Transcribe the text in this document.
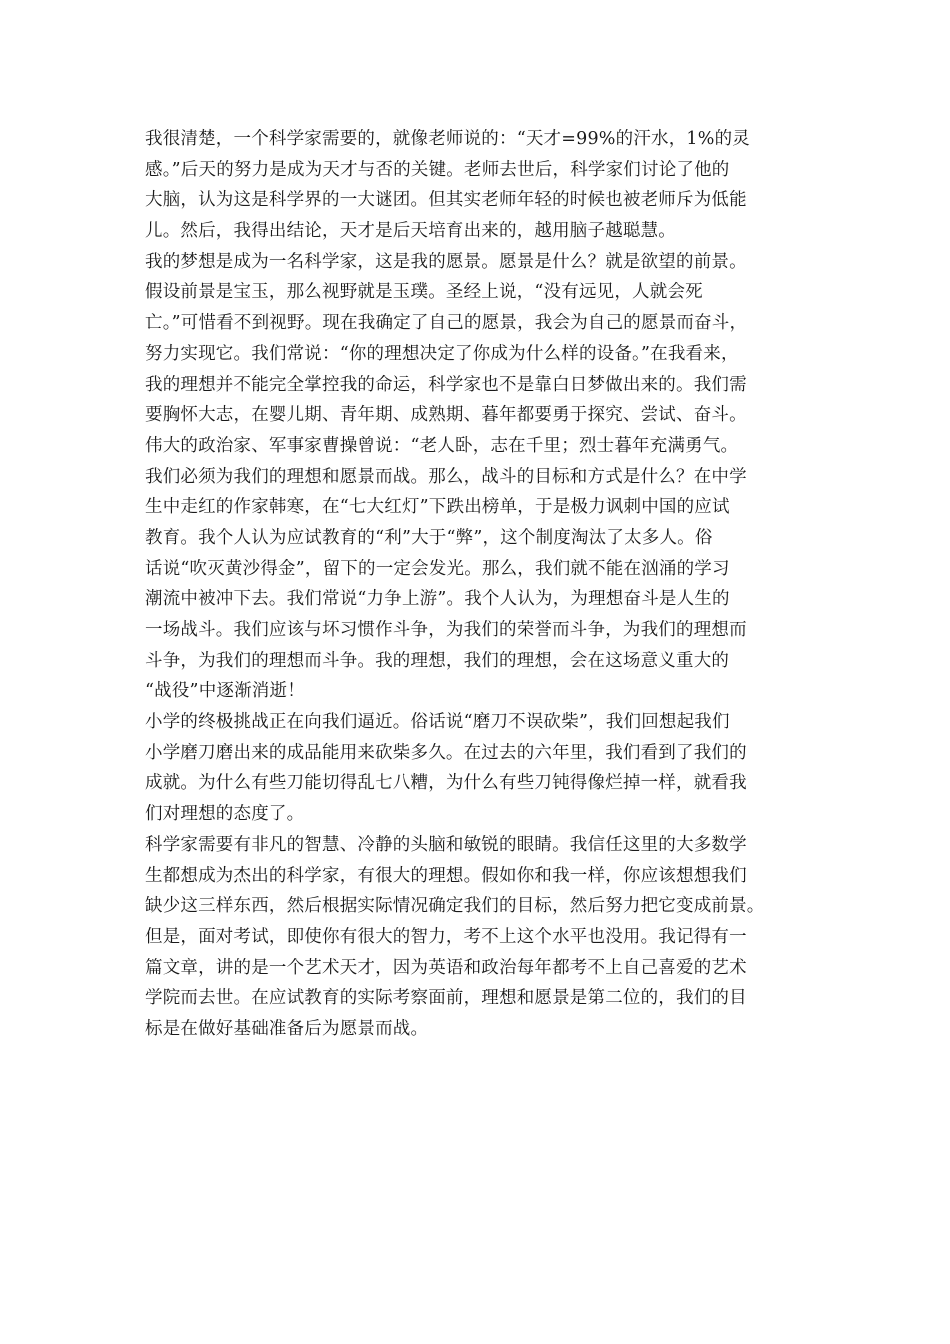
我很清楚，一个科学家需要的，就像老师说的：“天才=99%的汗水，1%的灵
感。”后天的努力是成为天才与否的关键。老师去世后，科学家们讨论了他的
大脑，认为这是科学界的一大谜团。但其实老师年轻的时候也被老师斥为低能
儿。然后，我得出结论，天才是后天培育出来的，越用脑子越聪慧。
我的梦想是成为一名科学家，这是我的愿景。愿景是什么？就是欲望的前景。
假设前景是宝玉，那么视野就是玉璞。圣经上说，“没有远见，人就会死
亡。”可惜看不到视野。现在我确定了自己的愿景，我会为自己的愿景而奋斗，
努力实现它。我们常说：“你的理想决定了你成为什么样的设备。”在我看来，
我的理想并不能完全掌控我的命运，科学家也不是靠白日梦做出来的。我们需
要胸怀大志，在婴儿期、青年期、成熟期、暮年都要勇于探究、尝试、奋斗。
伟大的政治家、军事家曹操曾说：“老人卧，志在千里；烈士暮年充满勇气。
我们必须为我们的理想和愿景而战。那么，战斗的目标和方式是什么？在中学
生中走红的作家韩寒，在“七大红灯”下跌出榜单，于是极力讽刺中国的应试
教育。我个人认为应试教育的“利”大于“弊”，这个制度淘汰了太多人。俗
话说“吹灭黄沙得金”，留下的一定会发光。那么，我们就不能在汹涌的学习
潮流中被冲下去。我们常说“力争上游”。我个人认为，为理想奋斗是人生的
一场战斗。我们应该与坏习惯作斗争，为我们的荣誉而斗争，为我们的理想而
斗争，为我们的理想而斗争。我的理想，我们的理想，会在这场意义重大的
“战役”中逐渐消逝！
小学的终极挑战正在向我们逼近。俗话说“磨刀不误砍柴”，我们回想起我们
小学磨刀磨出来的成品能用来砍柴多久。在过去的六年里，我们看到了我们的
成就。为什么有些刀能切得乱七八糟，为什么有些刀钝得像烂掉一样，就看我
们对理想的态度了。
科学家需要有非凡的智慧、冷静的头脑和敏锐的眼睛。我信任这里的大多数学
生都想成为杰出的科学家，有很大的理想。假如你和我一样，你应该想想我们
缺少这三样东西，然后根据实际情况确定我们的目标，然后努力把它变成前景。
但是，面对考试，即使你有很大的智力，考不上这个水平也没用。我记得有一
篇文章，讲的是一个艺术天才，因为英语和政治每年都考不上自己喜爱的艺术
学院而去世。在应试教育的实际考察面前，理想和愿景是第二位的，我们的目
标是在做好基础准备后为愿景而战。
